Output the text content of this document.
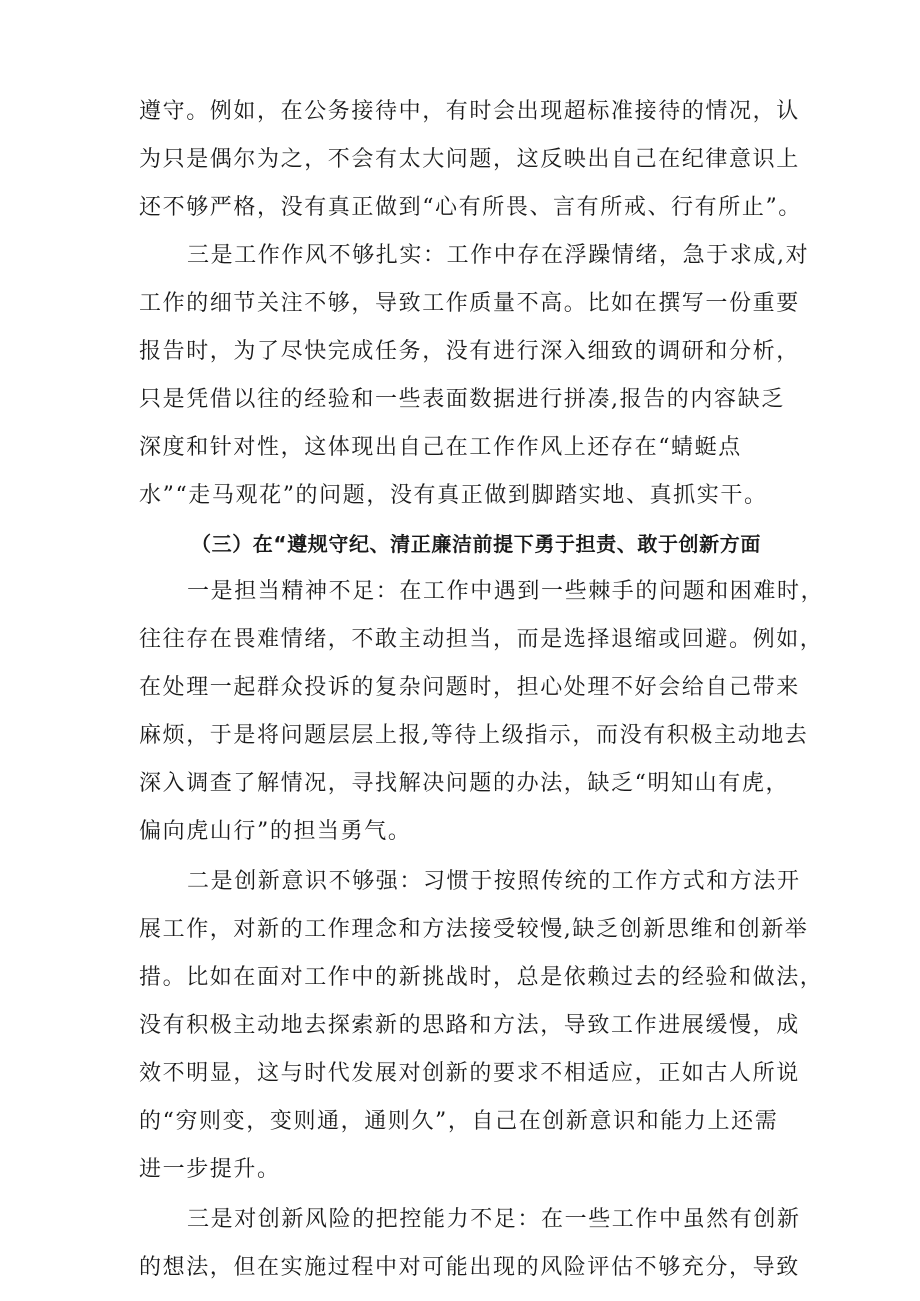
遵守。例如，在公务接待中，有时会出现超标准接待的情况，认
为只是偶尔为之，不会有太大问题，这反映出自己在纪律意识上
还不够严格，没有真正做到“心有所畏、言有所戒、行有所止”。
三是工作作风不够扎实：工作中存在浮躁情绪，急于求成,对
工作的细节关注不够，导致工作质量不高。比如在撰写一份重要
报告时，为了尽快完成任务，没有进行深入细致的调研和分析，
只是凭借以往的经验和一些表面数据进行拼凑,报告的内容缺乏
深度和针对性，这体现出自己在工作作风上还存在“蜻蜓点
水”“走马观花”的问题，没有真正做到脚踏实地、真抓实干。
（三）在“遵规守纪、清正廉洁前提下勇于担责、敢于创新方面
一是担当精神不足：在工作中遇到一些棘手的问题和困难时，
往往存在畏难情绪，不敢主动担当，而是选择退缩或回避。例如，
在处理一起群众投诉的复杂问题时，担心处理不好会给自己带来
麻烦，于是将问题层层上报,等待上级指示，而没有积极主动地去
深入调查了解情况，寻找解决问题的办法，缺乏“明知山有虎，
偏向虎山行”的担当勇气。
二是创新意识不够强：习惯于按照传统的工作方式和方法开
展工作，对新的工作理念和方法接受较慢,缺乏创新思维和创新举
措。比如在面对工作中的新挑战时，总是依赖过去的经验和做法，
没有积极主动地去探索新的思路和方法，导致工作进展缓慢，成
效不明显，这与时代发展对创新的要求不相适应，正如古人所说
的“穷则变，变则通，通则久”，自己在创新意识和能力上还需
进一步提升。
三是对创新风险的把控能力不足：在一些工作中虽然有创新
的想法，但在实施过程中对可能出现的风险评估不够充分，导致
